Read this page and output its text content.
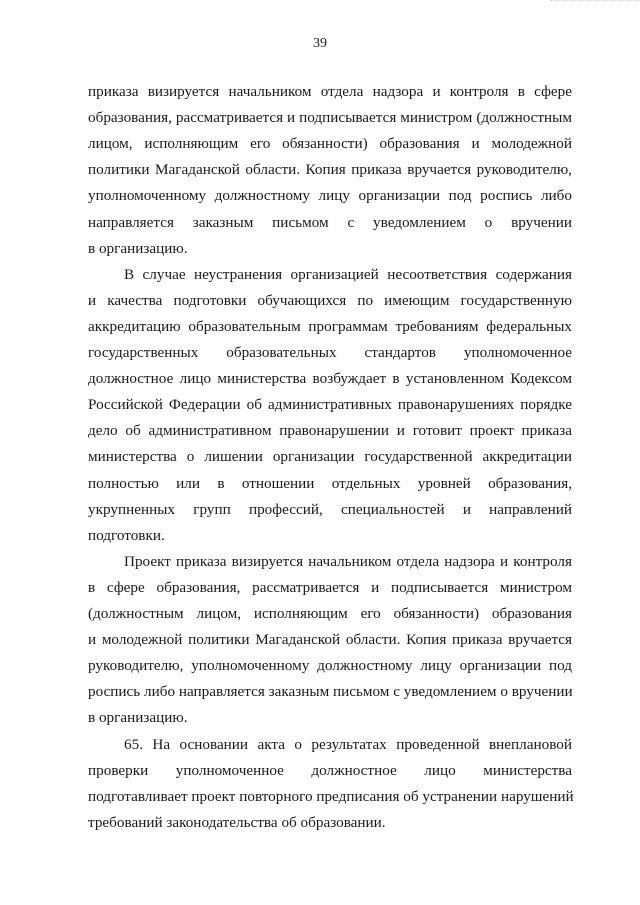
39
приказа визируется начальником отдела надзора и контроля в сфере
образования, рассматривается и подписывается министром (должностным
лицом, исполняющим его обязанности) образования и молодежной
политики Магаданской области. Копия приказа вручается руководителю,
уполномоченному должностному лицу организации под роспись либо
направляется заказным письмом с уведомлением о вручении
в организацию.
В случае неустранения организацией несоответствия содержания
и качества подготовки обучающихся по имеющим государственную
аккредитацию образовательным программам требованиям федеральных
государственных образовательных стандартов уполномоченное
должностное лицо министерства возбуждает в установленном Кодексом
Российской Федерации об административных правонарушениях порядке
дело об административном правонарушении и готовит проект приказа
министерства о лишении организации государственной аккредитации
полностью или в отношении отдельных уровней образования,
укрупненных групп профессий, специальностей и направлений
подготовки.
Проект приказа визируется начальником отдела надзора и контроля
в сфере образования, рассматривается и подписывается министром
(должностным лицом, исполняющим его обязанности) образования
и молодежной политики Магаданской области. Копия приказа вручается
руководителю, уполномоченному должностному лицу организации под
роспись либо направляется заказным письмом с уведомлением о вручении
в организацию.
65. На основании акта о результатах проведенной внеплановой
проверки уполномоченное должностное лицо министерства
подготавливает проект повторного предписания об устранении нарушений
требований законодательства об образовании.
